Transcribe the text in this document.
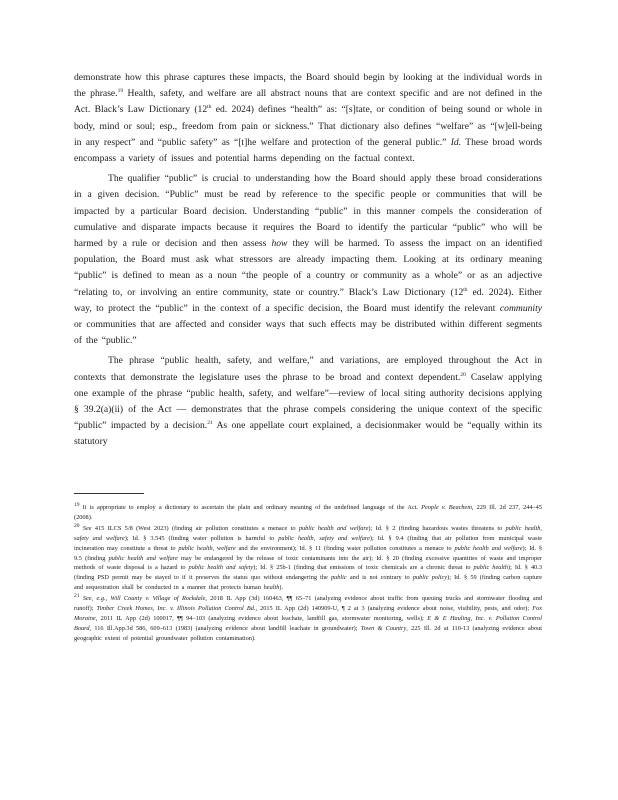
demonstrate how this phrase captures these impacts, the Board should begin by looking at the individual words in the phrase.$^{19}$ Health, safety, and welfare are all abstract nouns that are context specific and are not defined in the Act. Black’s Law Dictionary (12th ed. 2024) defines “health” as: “[s]tate, or condition of being sound or whole in body, mind or soul; esp., freedom from pain or sickness.” That dictionary also defines “welfare” as “[w]ell-being in any respect” and “public safety” as “[t]he welfare and protection of the general public.” Id. These broad words encompass a variety of issues and potential harms depending on the factual context.

The qualifier “public” is crucial to understanding how the Board should apply these broad considerations in a given decision. “Public” must be read by reference to the specific people or communities that will be impacted by a particular Board decision. Understanding “public” in this manner compels the consideration of cumulative and disparate impacts because it requires the Board to identify the particular “public” who will be harmed by a rule or decision and then assess how they will be harmed. To assess the impact on an identified population, the Board must ask what stressors are already impacting them. Looking at its ordinary meaning “public” is defined to mean as a noun “the people of a country or community as a whole” or as an adjective “relating to, or involving an entire community, state or country.” Black’s Law Dictionary (12th ed. 2024). Either way, to protect the “public” in the context of a specific decision, the Board must identify the relevant community or communities that are affected and consider ways that such effects may be distributed within different segments of the “public.”

The phrase “public health, safety, and welfare,” and variations, are employed throughout the Act in contexts that demonstrate the legislature uses the phrase to be broad and context dependent.$^{20}$ Caselaw applying one example of the phrase “public health, safety, and welfare”—review of local siting authority decisions applying § 39.2(a)(ii) of the Act — demonstrates that the phrase compels considering the unique context of the specific “public” impacted by a decision.$^{21}$ As one appellate court explained, a decisionmaker would be “equally within its statutory

$^{19}$ It is appropriate to employ a dictionary to ascertain the plain and ordinary meaning of the undefined language of the Act. People v. Beachem, 229 Ill. 2d 237, 244–45 (2008).

$^{20}$ See 415 ILCS 5/8 (West 2023) (finding air pollution constitutes a menace to public health and welfare); Id. § 2 (finding hazardous wastes threatens to public health, safety and welfare); Id. § 3.545 (finding water pollution is harmful to public health, safety and welfare); Id. § 9.4 (finding that air pollution from municipal waste incineration may constitute a threat to public health, welfare and the environment); Id. § 11 (finding water pollution constitutes a menace to public health and welfare); Id. § 9.5 (finding public health and welfare may be endangered by the release of toxic contaminants into the air); Id. § 20 (finding excessive quantities of waste and improper methods of waste disposal is a hazard to public health and safety); Id. § 25b-1 (finding that emissions of toxic chemicals are a chronic threat to public health); Id. § 40.3 (finding PSD permit may be stayed to if it preserves the status quo without endangering the public and is not contrary to public policy); Id. § 59 (finding carbon capture and sequestration shall be conducted in a manner that protects human health).

$^{21}$ See, e.g., Will County v. Village of Rockdale, 2018 IL App (3d) 160463, ¶¶ 65–71 (analyzing evidence about traffic from queuing trucks and stormwater flooding and runoff); Timber Creek Homes, Inc. v. Illinois Pollution Control Bd., 2015 IL App (2d) 140909-U, ¶ 2 at 3 (analyzing evidence about noise, visibility, pests, and odor); Fox Moraine, 2011 IL App (2d) 100017, ¶¶ 94–103 (analyzing evidence about leachate, landfill gas, stormwater monitoring, wells); E & E Hauling, Inc. v. Pollution Control Board, 116 Ill.App.3d 586, 609–613 (1983) (analyzing evidence about landfill leachate in groundwater); Town & Country, 225 Ill. 2d at 110-13 (analyzing evidence about geographic extent of potential groundwater pollution contamination).
